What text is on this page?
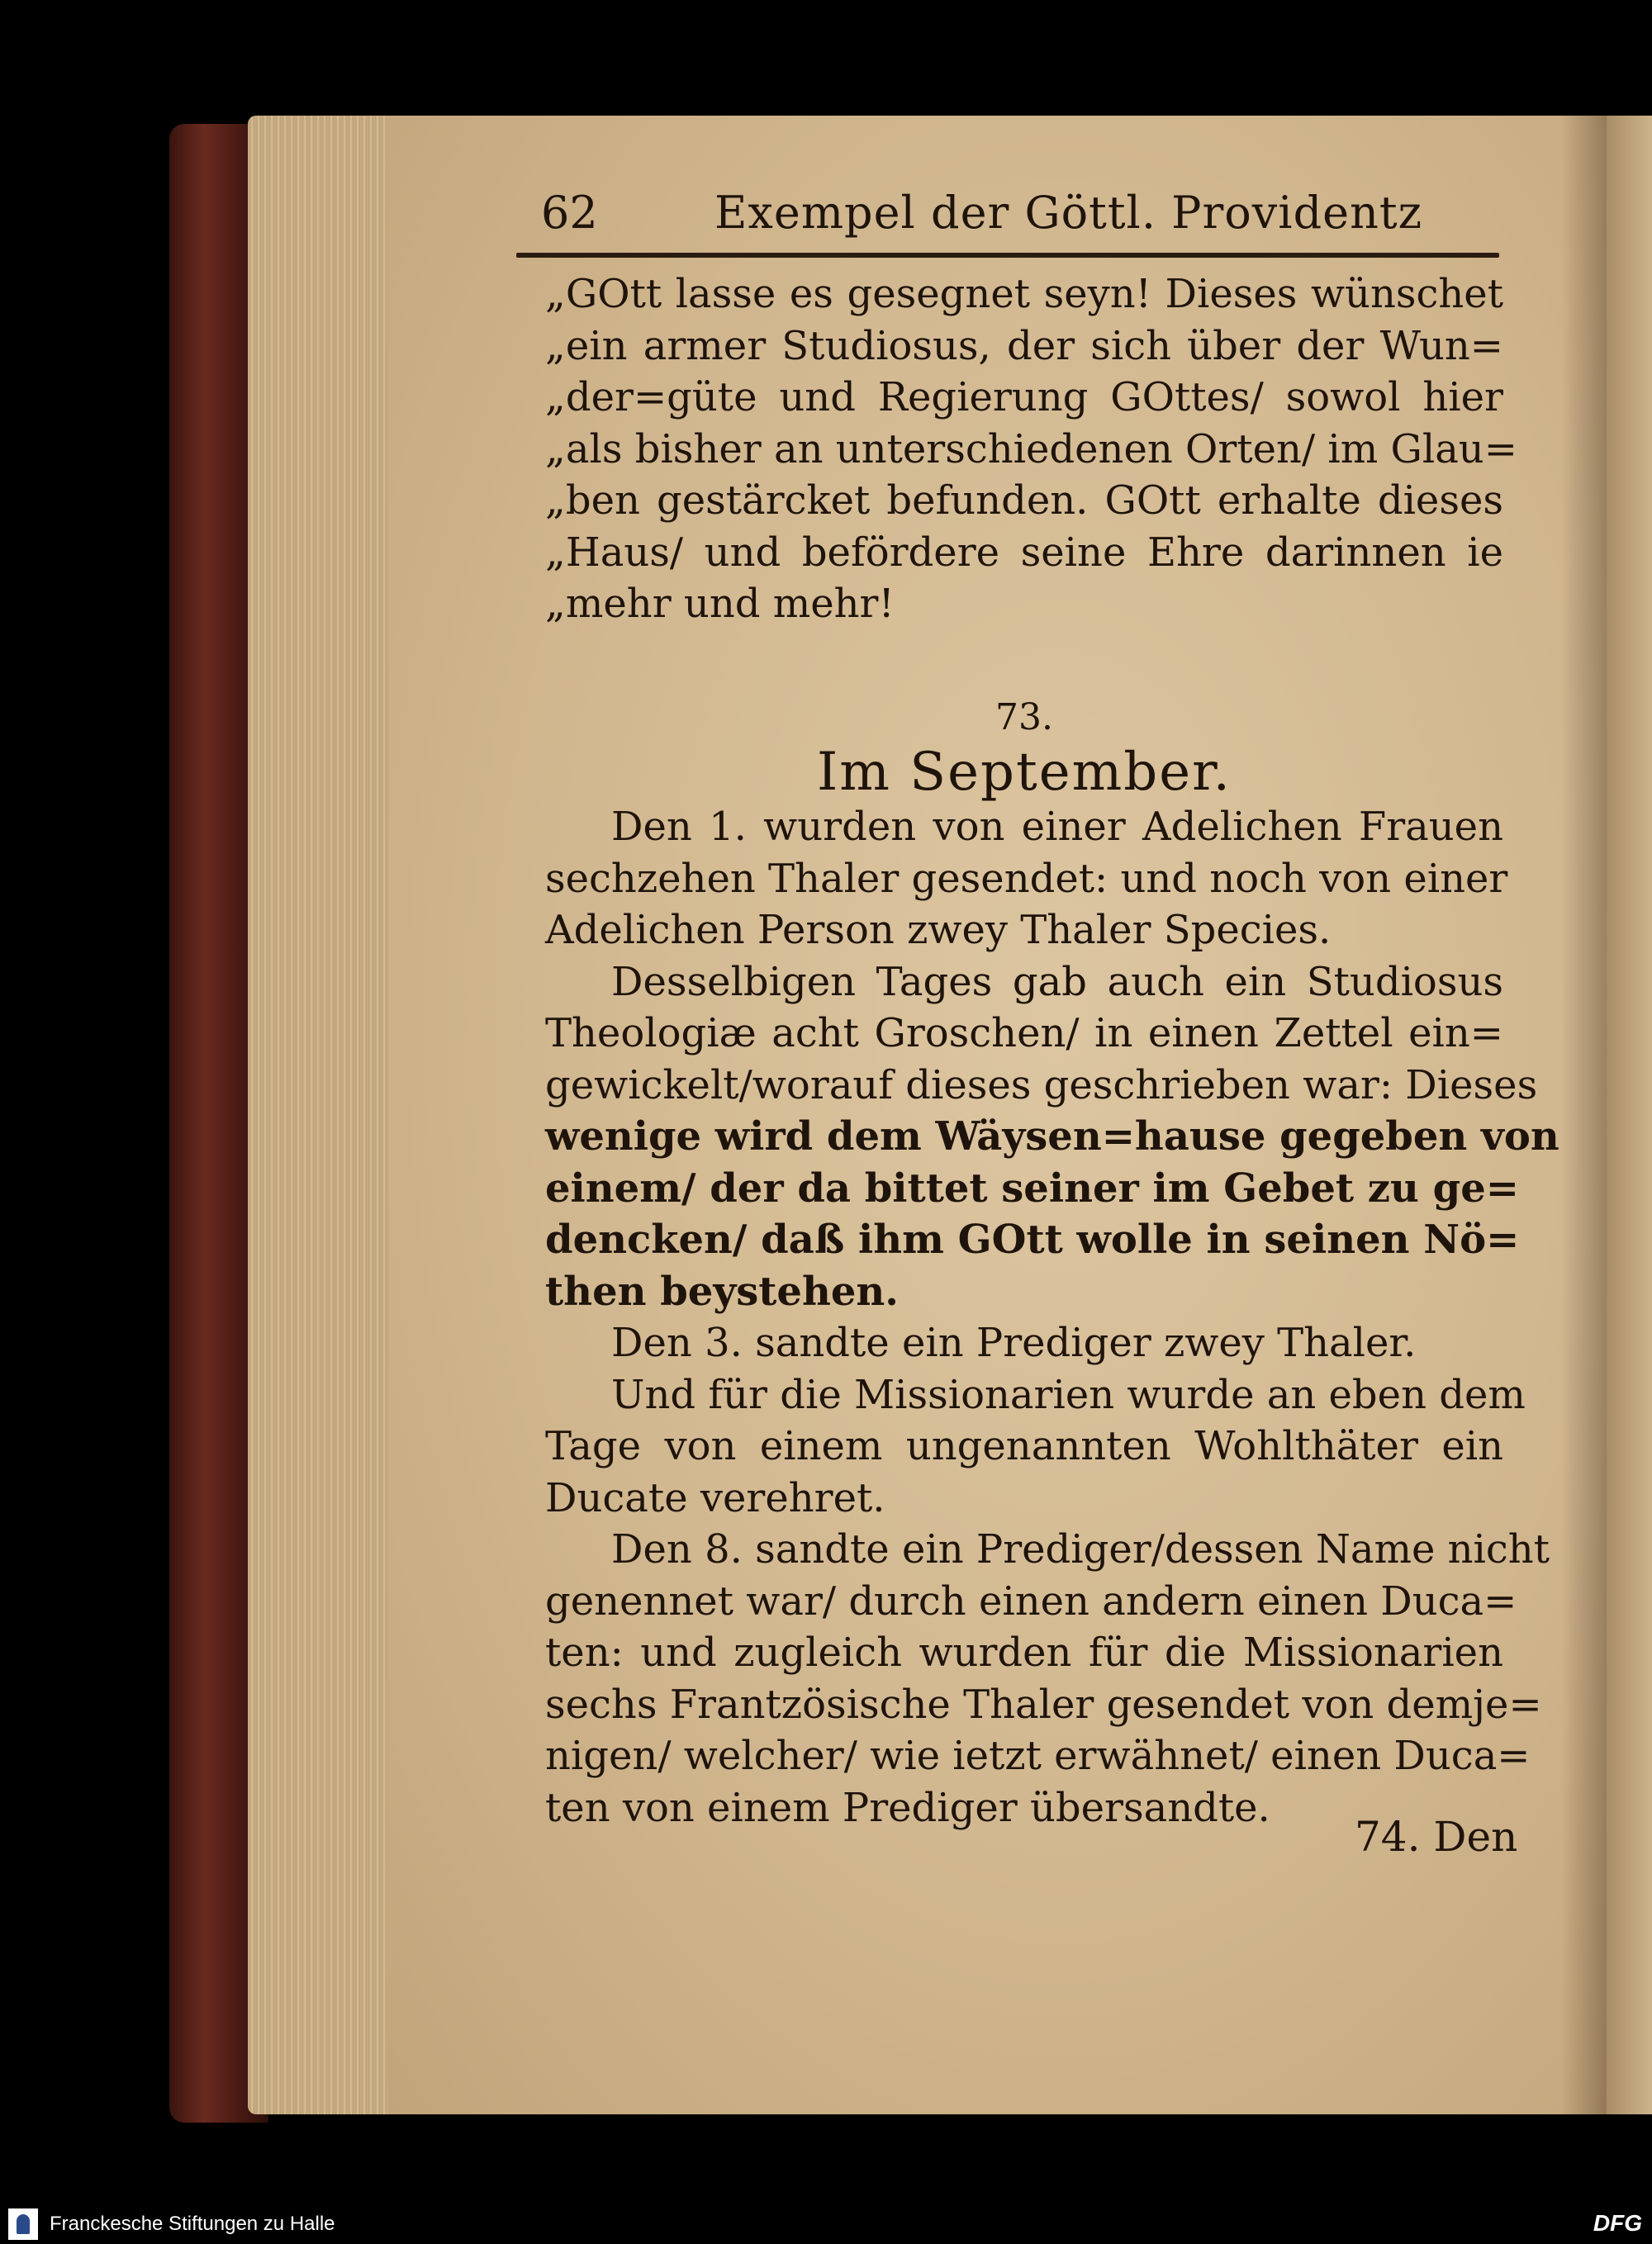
62	Exempel der Göttl. Providentz
„GOtt lasse es gesegnet seyn! Dieses wünschet
„ein armer Studiosus, der sich über der Wun=
„der=güte und Regierung GOttes/ sowol hier
„als bisher an unterschiedenen Orten/ im Glau=
„ben gestärcket befunden. GOtt erhalte dieses
„Haus/ und befördere seine Ehre darinnen ie
„mehr und mehr!
73.
Im September.
Den 1. wurden von einer Adelichen Frauen
sechzehen Thaler gesendet: und noch von einer
Adelichen Person zwey Thaler Species.
Desselbigen Tages gab auch ein Studiosus
Theologiæ acht Groschen/ in einen Zettel ein=
gewickelt/worauf dieses geschrieben war: Dieses
wenige wird dem Wäysen=hause gegeben von
einem/ der da bittet seiner im Gebet zu ge=
dencken/ daß ihm GOtt wolle in seinen Nö=
then beystehen.
Den 3. sandte ein Prediger zwey Thaler.
Und für die Missionarien wurde an eben dem
Tage von einem ungenannten Wohlthäter ein
Ducate verehret.
Den 8. sandte ein Prediger/dessen Name nicht
genennet war/ durch einen andern einen Duca=
ten: und zugleich wurden für die Missionarien
sechs Frantzösische Thaler gesendet von demje=
nigen/ welcher/ wie ietzt erwähnet/ einen Duca=
ten von einem Prediger übersandte.
74. Den
Franckesche Stiftungen zu Halle	DFG
